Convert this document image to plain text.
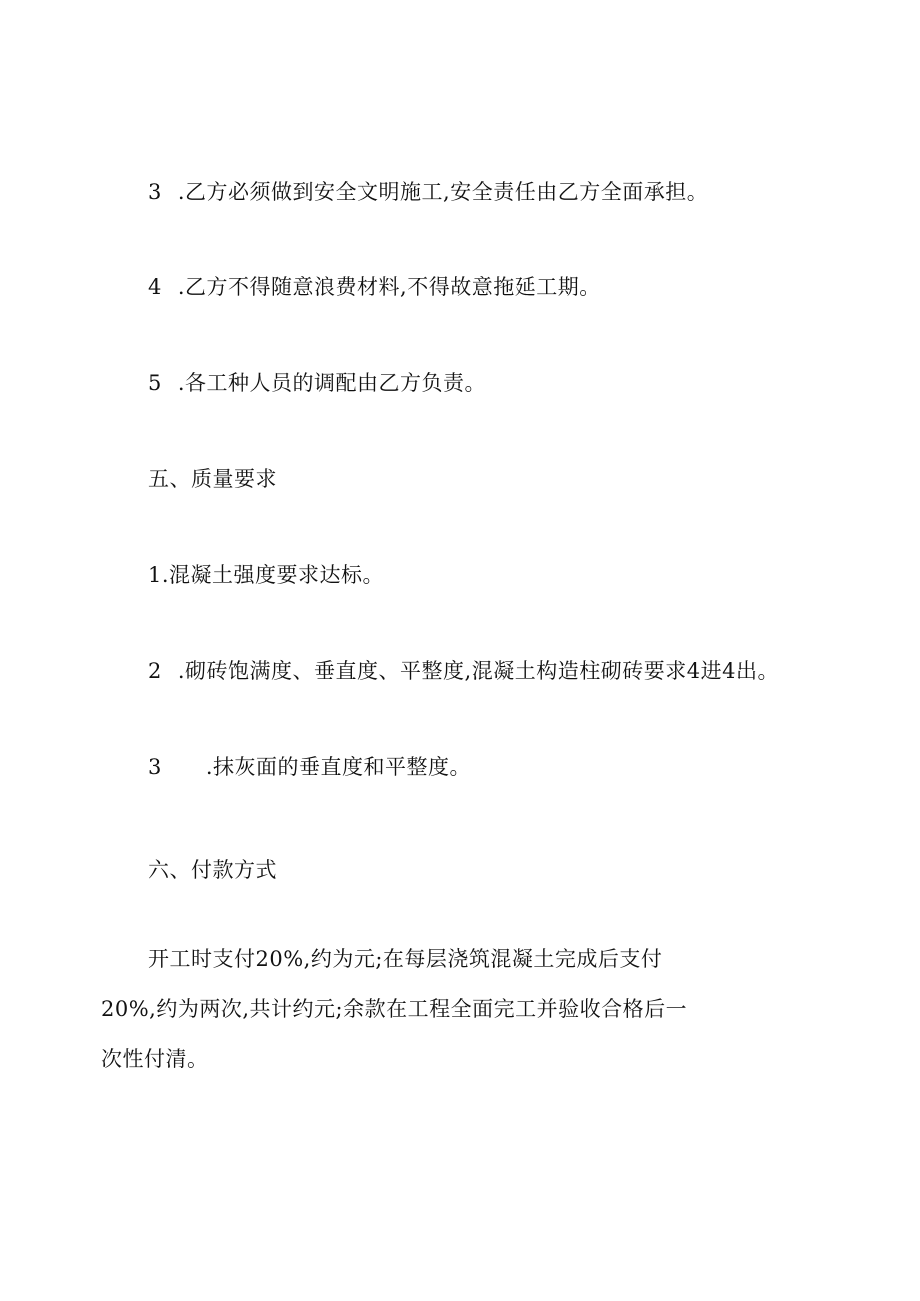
3 .乙方必须做到安全文明施工,安全责任由乙方全面承担。
4 .乙方不得随意浪费材料,不得故意拖延工期。
5 .各工种人员的调配由乙方负责。
五、质量要求
1.混凝土强度要求达标。
2 .砌砖饱满度、垂直度、平整度,混凝土构造柱砌砖要求4进4出。
3 .抹灰面的垂直度和平整度。
六、付款方式
开工时支付20%,约为元;在每层浇筑混凝土完成后支付
20%,约为两次,共计约元;余款在工程全面完工并验收合格后一
次性付清。
